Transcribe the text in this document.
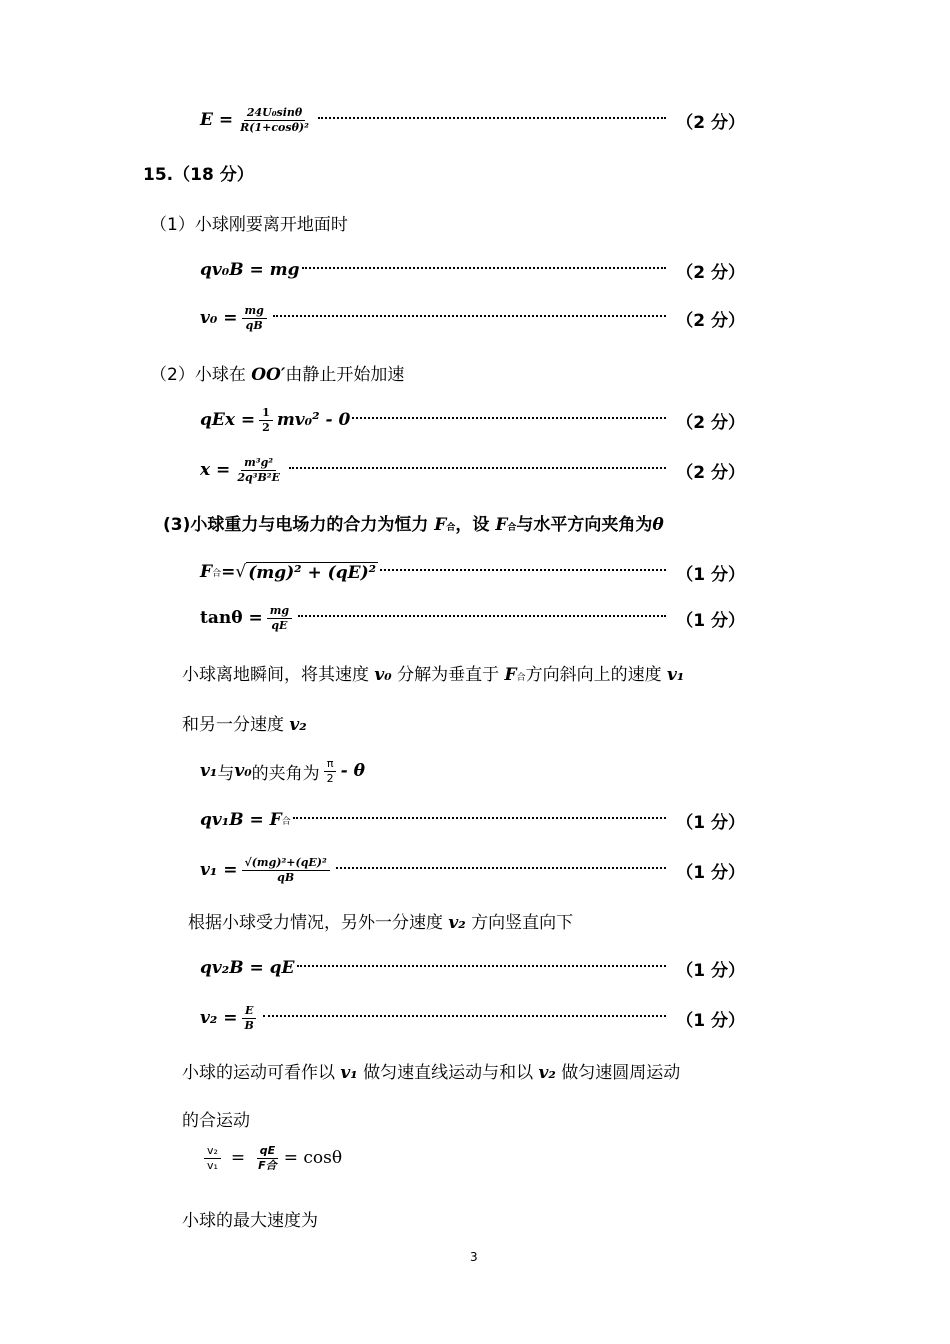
$E = \frac{\text{24U₀sinθ}}{\text{R(1+cosθ)²}}$	（2 分）
15.（18 分）
（1）小球刚要离开地面时
qv₀B = mg	（2 分）
$v_0 = \frac{mg}{qB}$	（2 分）
（2）小球在 OO′由静止开始加速
qEx = $\frac{1}{2} mv_0^2 - 0$	（2 分）
$x = \frac{\text{m³g²}}{\text{2q³B²E}}$	（2 分）
(3)小球重力与电场力的合力为恒力 F合，设 F合与水平方向夹角为θ
F 合 = √ (mg)² + (qE)²	（1 分）
$\tan\theta = \frac{mg}{qE}$	（1 分）
小球离地瞬间，将其速度 v₀ 分解为垂直于 F合方向斜向上的速度 v₁
和另一分速度 v₂
v₁ 与 v₀ 的夹角为 $\frac{\pi}{2}$ - θ
qv₁B = F 合	（1 分）
$v_1 = \frac{\text{√(mg)²+(qE)²}}{qB}$	（1 分）
根据小球受力情况，另外一分速度 v₂ 方向竖直向下
qv₂B = qE	（1 分）
$v_2 = \frac{E}{B}$	（1 分）
小球的运动可看作以 v₁ 做匀速直线运动与和以 v₂ 做匀速圆周运动
的合运动
$\frac{\text{v₂}}{\text{v₁}} = \frac{qE}{\text{F合}} = \cos\theta$
小球的最大速度为
3
